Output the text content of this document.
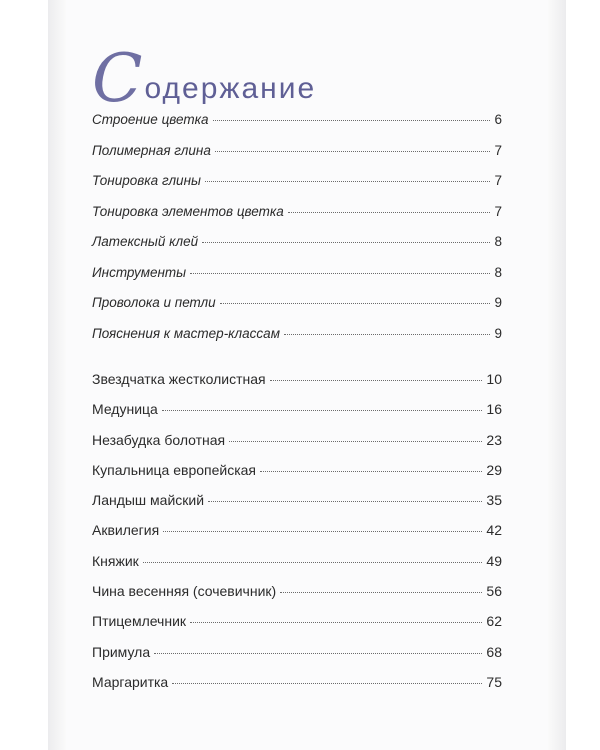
С одержание
Строение цветка	6
Полимерная глина	7
Тонировка глины	7
Тонировка элементов цветка	7
Латексный клей	8
Инструменты	8
Проволока и петли	9
Пояснения к мастер-классам	9
Звездчатка жестколистная	10
Медуница	16
Незабудка болотная	23
Купальница европейская	29
Ландыш майский	35
Аквилегия	42
Княжик	49
Чина весенняя (сочевичник)	56
Птицемлечник	62
Примула	68
Маргаритка	75
